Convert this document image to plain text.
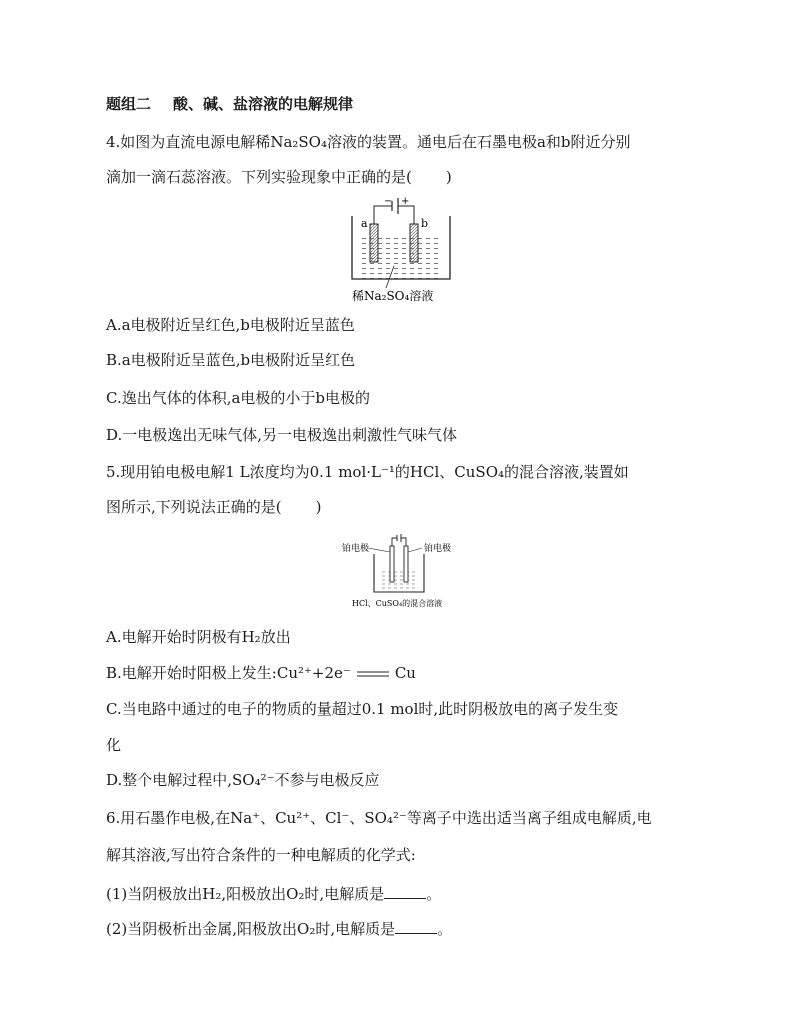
题组二 酸、碱、盐溶液的电解规律
4.如图为直流电源电解稀Na₂SO₄溶液的装置。通电后在石墨电极a和b附近分别
滴加一滴石蕊溶液。下列实验现象中正确的是( )
− +
a	b
稀Na₂SO₄溶液
A.a电极附近呈红色,b电极附近呈蓝色
B.a电极附近呈蓝色,b电极附近呈红色
C.逸出气体的体积,a电极的小于b电极的
D.一电极逸出无味气体,另一电极逸出刺激性气味气体
5.现用铂电极电解1 L浓度均为0.1 mol·L⁻¹的HCl、CuSO₄的混合溶液,装置如
图所示,下列说法正确的是( )
铂电极	铂电极
HCl、CuSO₄的混合溶液
A.电解开始时阴极有H₂放出
B.电解开始时阳极上发生:Cu²⁺+2e⁻	Cu
C.当电路中通过的电子的物质的量超过0.1 mol时,此时阴极放电的离子发生变
化
D.整个电解过程中,SO₄²⁻不参与电极反应
6.用石墨作电极,在Na⁺、Cu²⁺、Cl⁻、SO₄²⁻等离子中选出适当离子组成电解质,电
解其溶液,写出符合条件的一种电解质的化学式:
(1)当阴极放出H₂,阳极放出O₂时,电解质是	。
(2)当阴极析出金属,阳极放出O₂时,电解质是	。
